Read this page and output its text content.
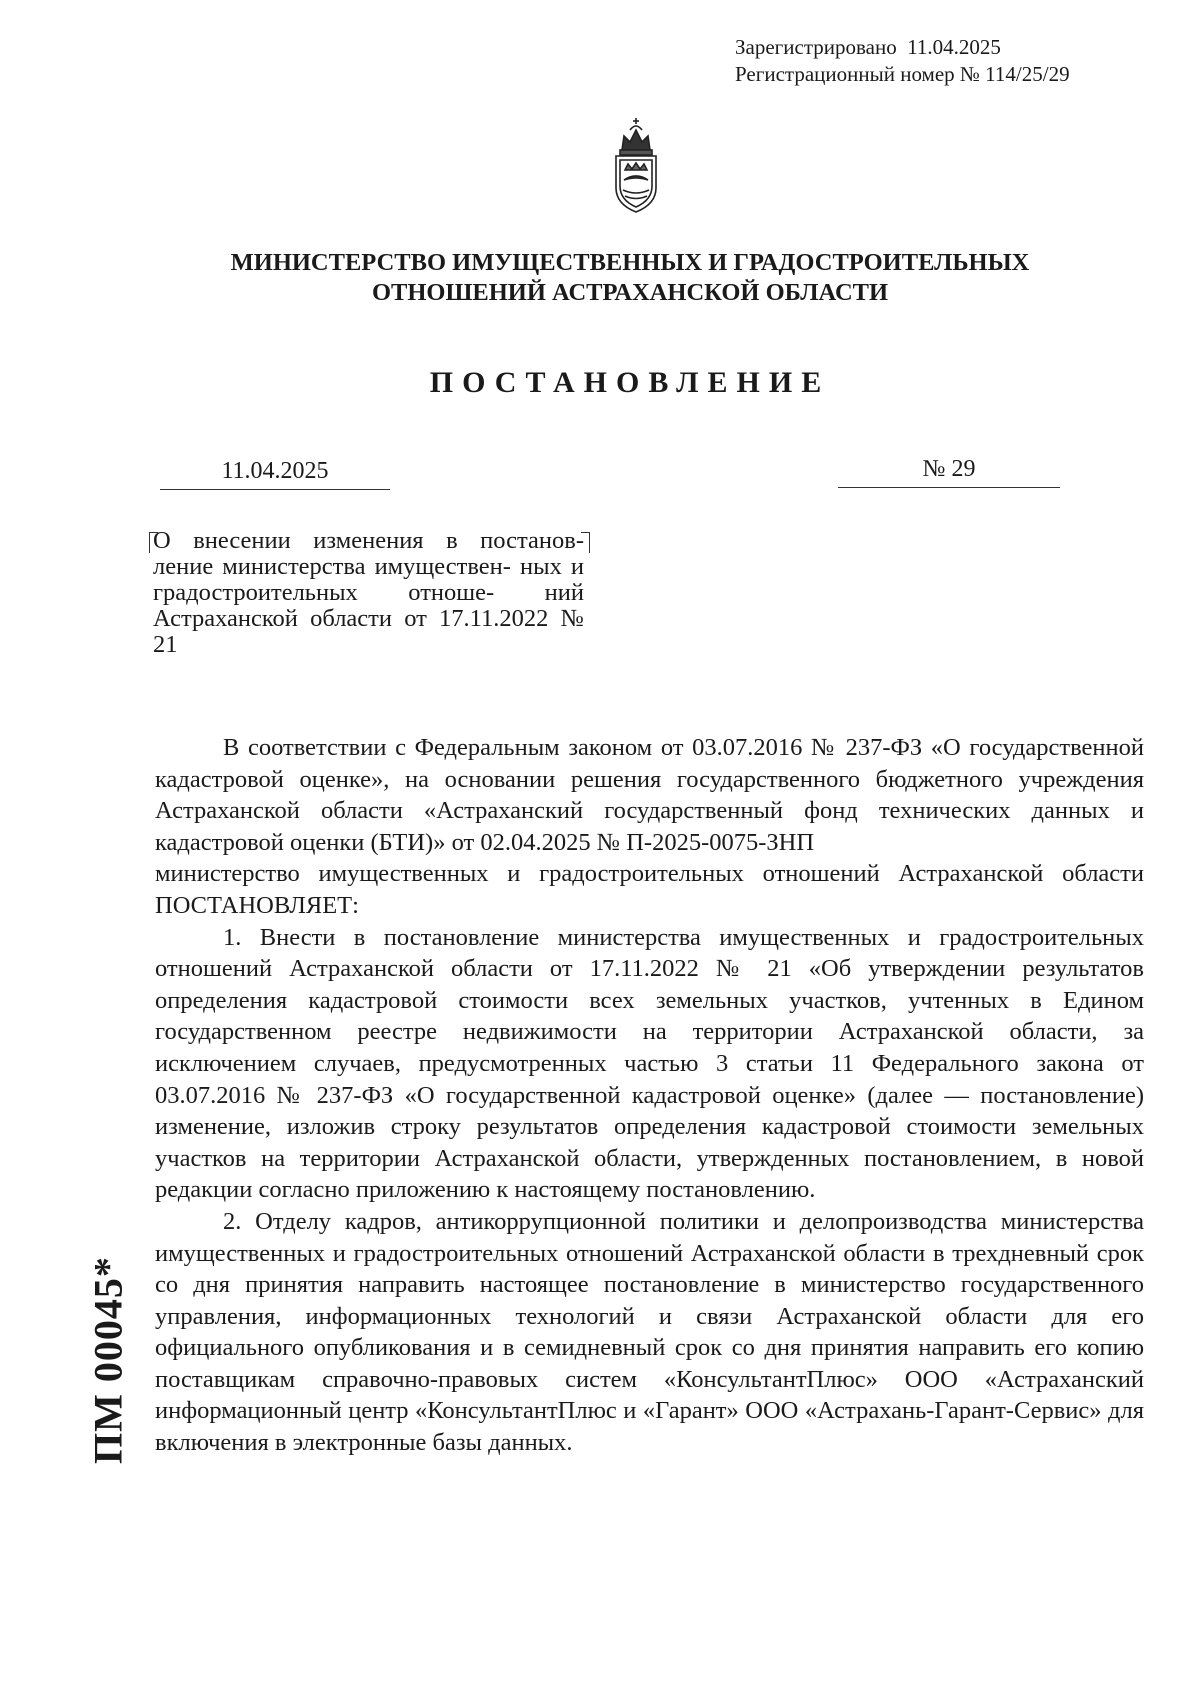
Зарегистрировано  11.04.2025
Регистрационный номер № 114/25/29
МИНИСТЕРСТВО ИМУЩЕСТВЕННЫХ И ГРАДОСТРОИТЕЛЬНЫХ
ОТНОШЕНИЙ АСТРАХАНСКОЙ ОБЛАСТИ
ПОСТАНОВЛЕНИЕ
11.04.2025	№ 29
О внесении изменения в постанов- ление министерства имуществен- ных и градостроительных отноше- ний Астраханской области от 17.11.2022 № 21

В соответствии с Федеральным законом от 03.07.2016 № 237-ФЗ «О государственной кадастровой оценке», на основании решения государственного бюджетного учреждения Астраханской области «Астраханский государственный фонд технических данных и кадастровой оценки (БТИ)» от 02.04.2025 № П-2025-0075-ЗНП

министерство имущественных и градостроительных отношений Астраханской области ПОСТАНОВЛЯЕТ:

1. Внести в постановление министерства имущественных и градостроительных отношений Астраханской области от 17.11.2022 № 21 «Об утверждении результатов определения кадастровой стоимости всех земельных участков, учтенных в Едином государственном реестре недвижимости на территории Астраханской области, за исключением случаев, предусмотренных частью 3 статьи 11 Федерального закона от 03.07.2016 № 237-ФЗ «О государственной кадастровой оценке» (далее — постановление) изменение, изложив строку результатов определения кадастровой стоимости земельных участков на территории Астраханской области, утвержденных постановлением, в новой редакции согласно приложению к настоящему постановлению.

2. Отделу кадров, антикоррупционной политики и делопроизводства министерства имущественных и градостроительных отношений Астраханской области в трехдневный срок со дня принятия направить настоящее постановление в министерство государственного управления, информационных технологий и связи Астраханской области для его официального опубликования и в семидневный срок со дня принятия направить его копию поставщикам справочно-правовых систем «КонсультантПлюс» ООО «Астраханский информационный центр «КонсультантПлюс и «Гарант» ООО «Астрахань-Гарант-Сервис» для включения в электронные базы данных.

ПМ 00045*
